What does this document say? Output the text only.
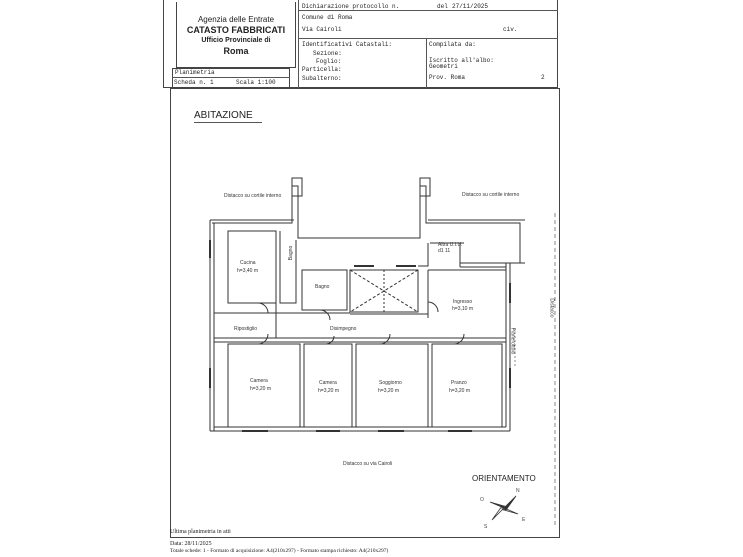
Agenzia delle Entrate
CATASTO FABBRICATI
Ufficio Provinciale di
Roma
Planimetria
Scheda n. 1	Scala 1:100
Dichiarazione protocollo n.	del 27/11/2025
Comune di Roma
Via Cairoli	civ.
Identificativi Catastali:
Sezione:
Foglio:
Particella:
Subalterno:
Compilata da:
Iscritto all'albo:
Geometri
Prov. Roma	2
ABITAZIONE
Distacco su cortile interno	Distacco su cortile interno
Altra U.I.U.
d1 11
Cucina
h=3,40 m
Bagno
Bagno
Ingresso
h=3,10 m
Ripostiglio	Disimpegno
Camera
h=3,20 m
Camera
h=3,20 m
Soggiorno
h=3,20 m
Pranzo
h=3,20 m
Distacco su via Cairoli
Pianerottolo
Distacco
ORIENTAMENTO
N
E
S
O
Ultima planimetria in atti
Data: 28/11/2025
Totale schede: 1 - Formato di acquisizione: A4(210x297) - Formato stampa richiesto: A4(210x297)
